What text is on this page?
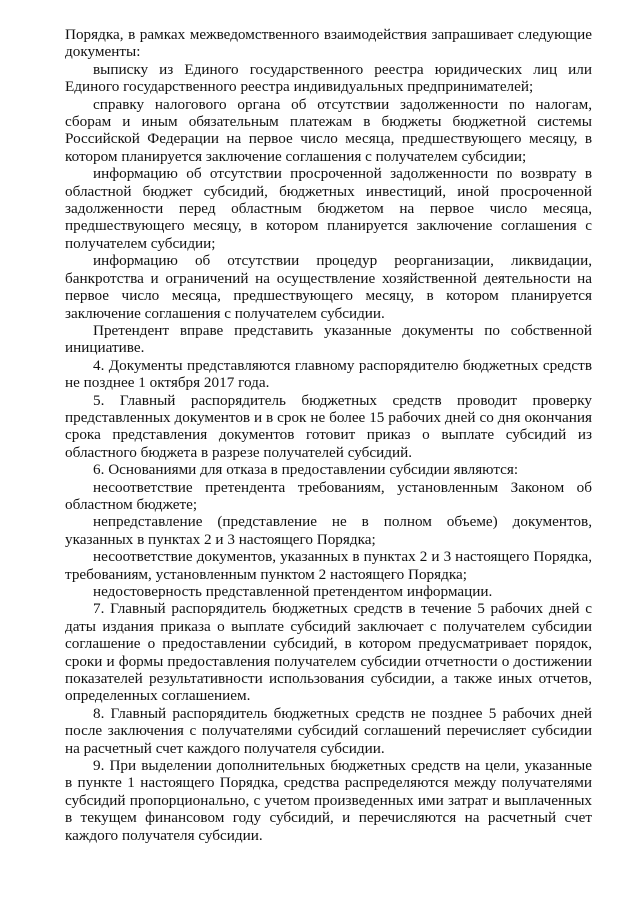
Порядка, в рамках межведомственного взаимодействия запрашивает следующие документы:

выписку из Единого государственного реестра юридических лиц или Единого государственного реестра индивидуальных предпринимателей;

справку налогового органа об отсутствии задолженности по налогам, сборам и иным обязательным платежам в бюджеты бюджетной системы Российской Федерации на первое число месяца, предшествующего месяцу, в котором планируется заключение соглашения с получателем субсидии;

информацию об отсутствии просроченной задолженности по возврату в областной бюджет субсидий, бюджетных инвестиций, иной просроченной задолженности перед областным бюджетом на первое число месяца, предшествующего месяцу, в котором планируется заключение соглашения с получателем субсидии;

информацию об отсутствии процедур реорганизации, ликвидации, банкротства и ограничений на осуществление хозяйственной деятельности на первое число месяца, предшествующего месяцу, в котором планируется заключение соглашения с получателем субсидии.

Претендент вправе представить указанные документы по собственной инициативе.

4. Документы представляются главному распорядителю бюджетных средств не позднее 1 октября 2017 года.

5. Главный распорядитель бюджетных средств проводит проверку представленных документов и в срок не более 15 рабочих дней со дня окончания срока представления документов готовит приказ о выплате субсидий из областного бюджета в разрезе получателей субсидий.

6. Основаниями для отказа в предоставлении субсидии являются:

несоответствие претендента требованиям, установленным Законом об областном бюджете;

непредставление (представление не в полном объеме) документов, указанных в пунктах 2 и 3 настоящего Порядка;

несоответствие документов, указанных в пунктах 2 и 3 настоящего Порядка, требованиям, установленным пунктом 2 настоящего Порядка;

недостоверность представленной претендентом информации.

7. Главный распорядитель бюджетных средств в течение 5 рабочих дней с даты издания приказа о выплате субсидий заключает с получателем субсидии соглашение о предоставлении субсидий, в котором предусматривает порядок, сроки и формы предоставления получателем субсидии отчетности о достижении показателей результативности использования субсидии, а также иных отчетов, определенных соглашением.

8. Главный распорядитель бюджетных средств не позднее 5 рабочих дней после заключения с получателями субсидий соглашений перечисляет субсидии на расчетный счет каждого получателя субсидии.

9. При выделении дополнительных бюджетных средств на цели, указанные в пункте 1 настоящего Порядка, средства распределяются между получателями субсидий пропорционально, с учетом произведенных ими затрат и выплаченных в текущем финансовом году субсидий, и перечисляются на расчетный счет каждого получателя субсидии.
